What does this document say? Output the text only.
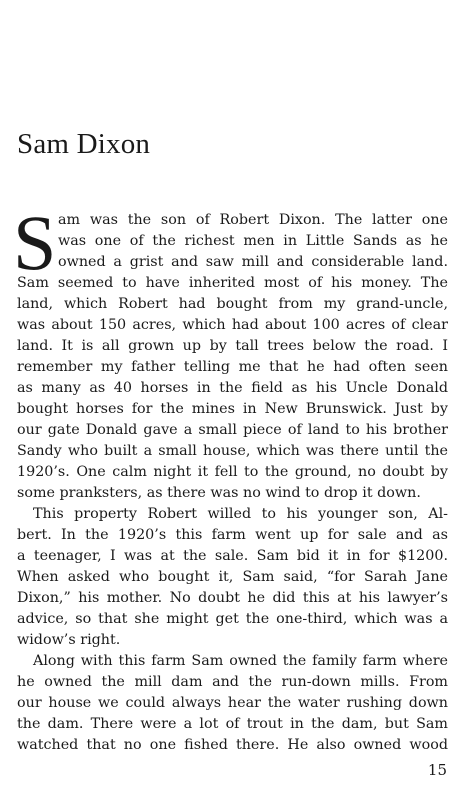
Sam Dixon
S am was the son of Robert Dixon. The latter one
was one of the richest men in Little Sands as he
owned a grist and saw mill and considerable land.
Sam seemed to have inherited most of his money. The
land, which Robert had bought from my grand-uncle,
was about 150 acres, which had about 100 acres of clear
land. It is all grown up by tall trees below the road. I
remember my father telling me that he had often seen
as many as 40 horses in the field as his Uncle Donald
bought horses for the mines in New Brunswick. Just by
our gate Donald gave a small piece of land to his brother
Sandy who built a small house, which was there until the
1920’s. One calm night it fell to the ground, no doubt by
some pranksters, as there was no wind to drop it down.
This property Robert willed to his younger son, Al-
bert. In the 1920’s this farm went up for sale and as
a teenager, I was at the sale. Sam bid it in for $1200.
When asked who bought it, Sam said, “for Sarah Jane
Dixon,” his mother. No doubt he did this at his lawyer’s
advice, so that she might get the one-third, which was a
widow’s right.
Along with this farm Sam owned the family farm where
he owned the mill dam and the run-down mills. From
our house we could always hear the water rushing down
the dam. There were a lot of trout in the dam, but Sam
watched that no one fished there. He also owned wood
15
